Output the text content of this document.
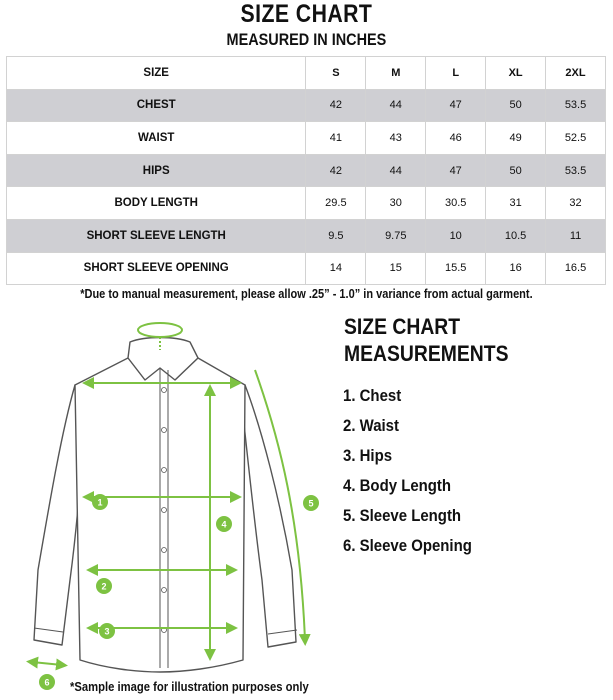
SIZE CHART
MEASURED IN INCHES
SIZE	S	M	L	XL	2XL
CHEST	42	44	47	50	53.5
WAIST	41	43	46	49	52.5
HIPS	42	44	47	50	53.5
BODY LENGTH	29.5	30	30.5	31	32
SHORT SLEEVE LENGTH	9.5	9.75	10	10.5	11
SHORT SLEEVE OPENING	14	15	15.5	16	16.5
*Due to manual measurement, please allow .25” - 1.0” in variance from actual garment.
1
2
3
4
5
6
SIZE CHART
MEASUREMENTS
1. Chest
2. Waist
3. Hips
4. Body Length
5. Sleeve Length
6. Sleeve Opening
*Sample image for illustration purposes only
